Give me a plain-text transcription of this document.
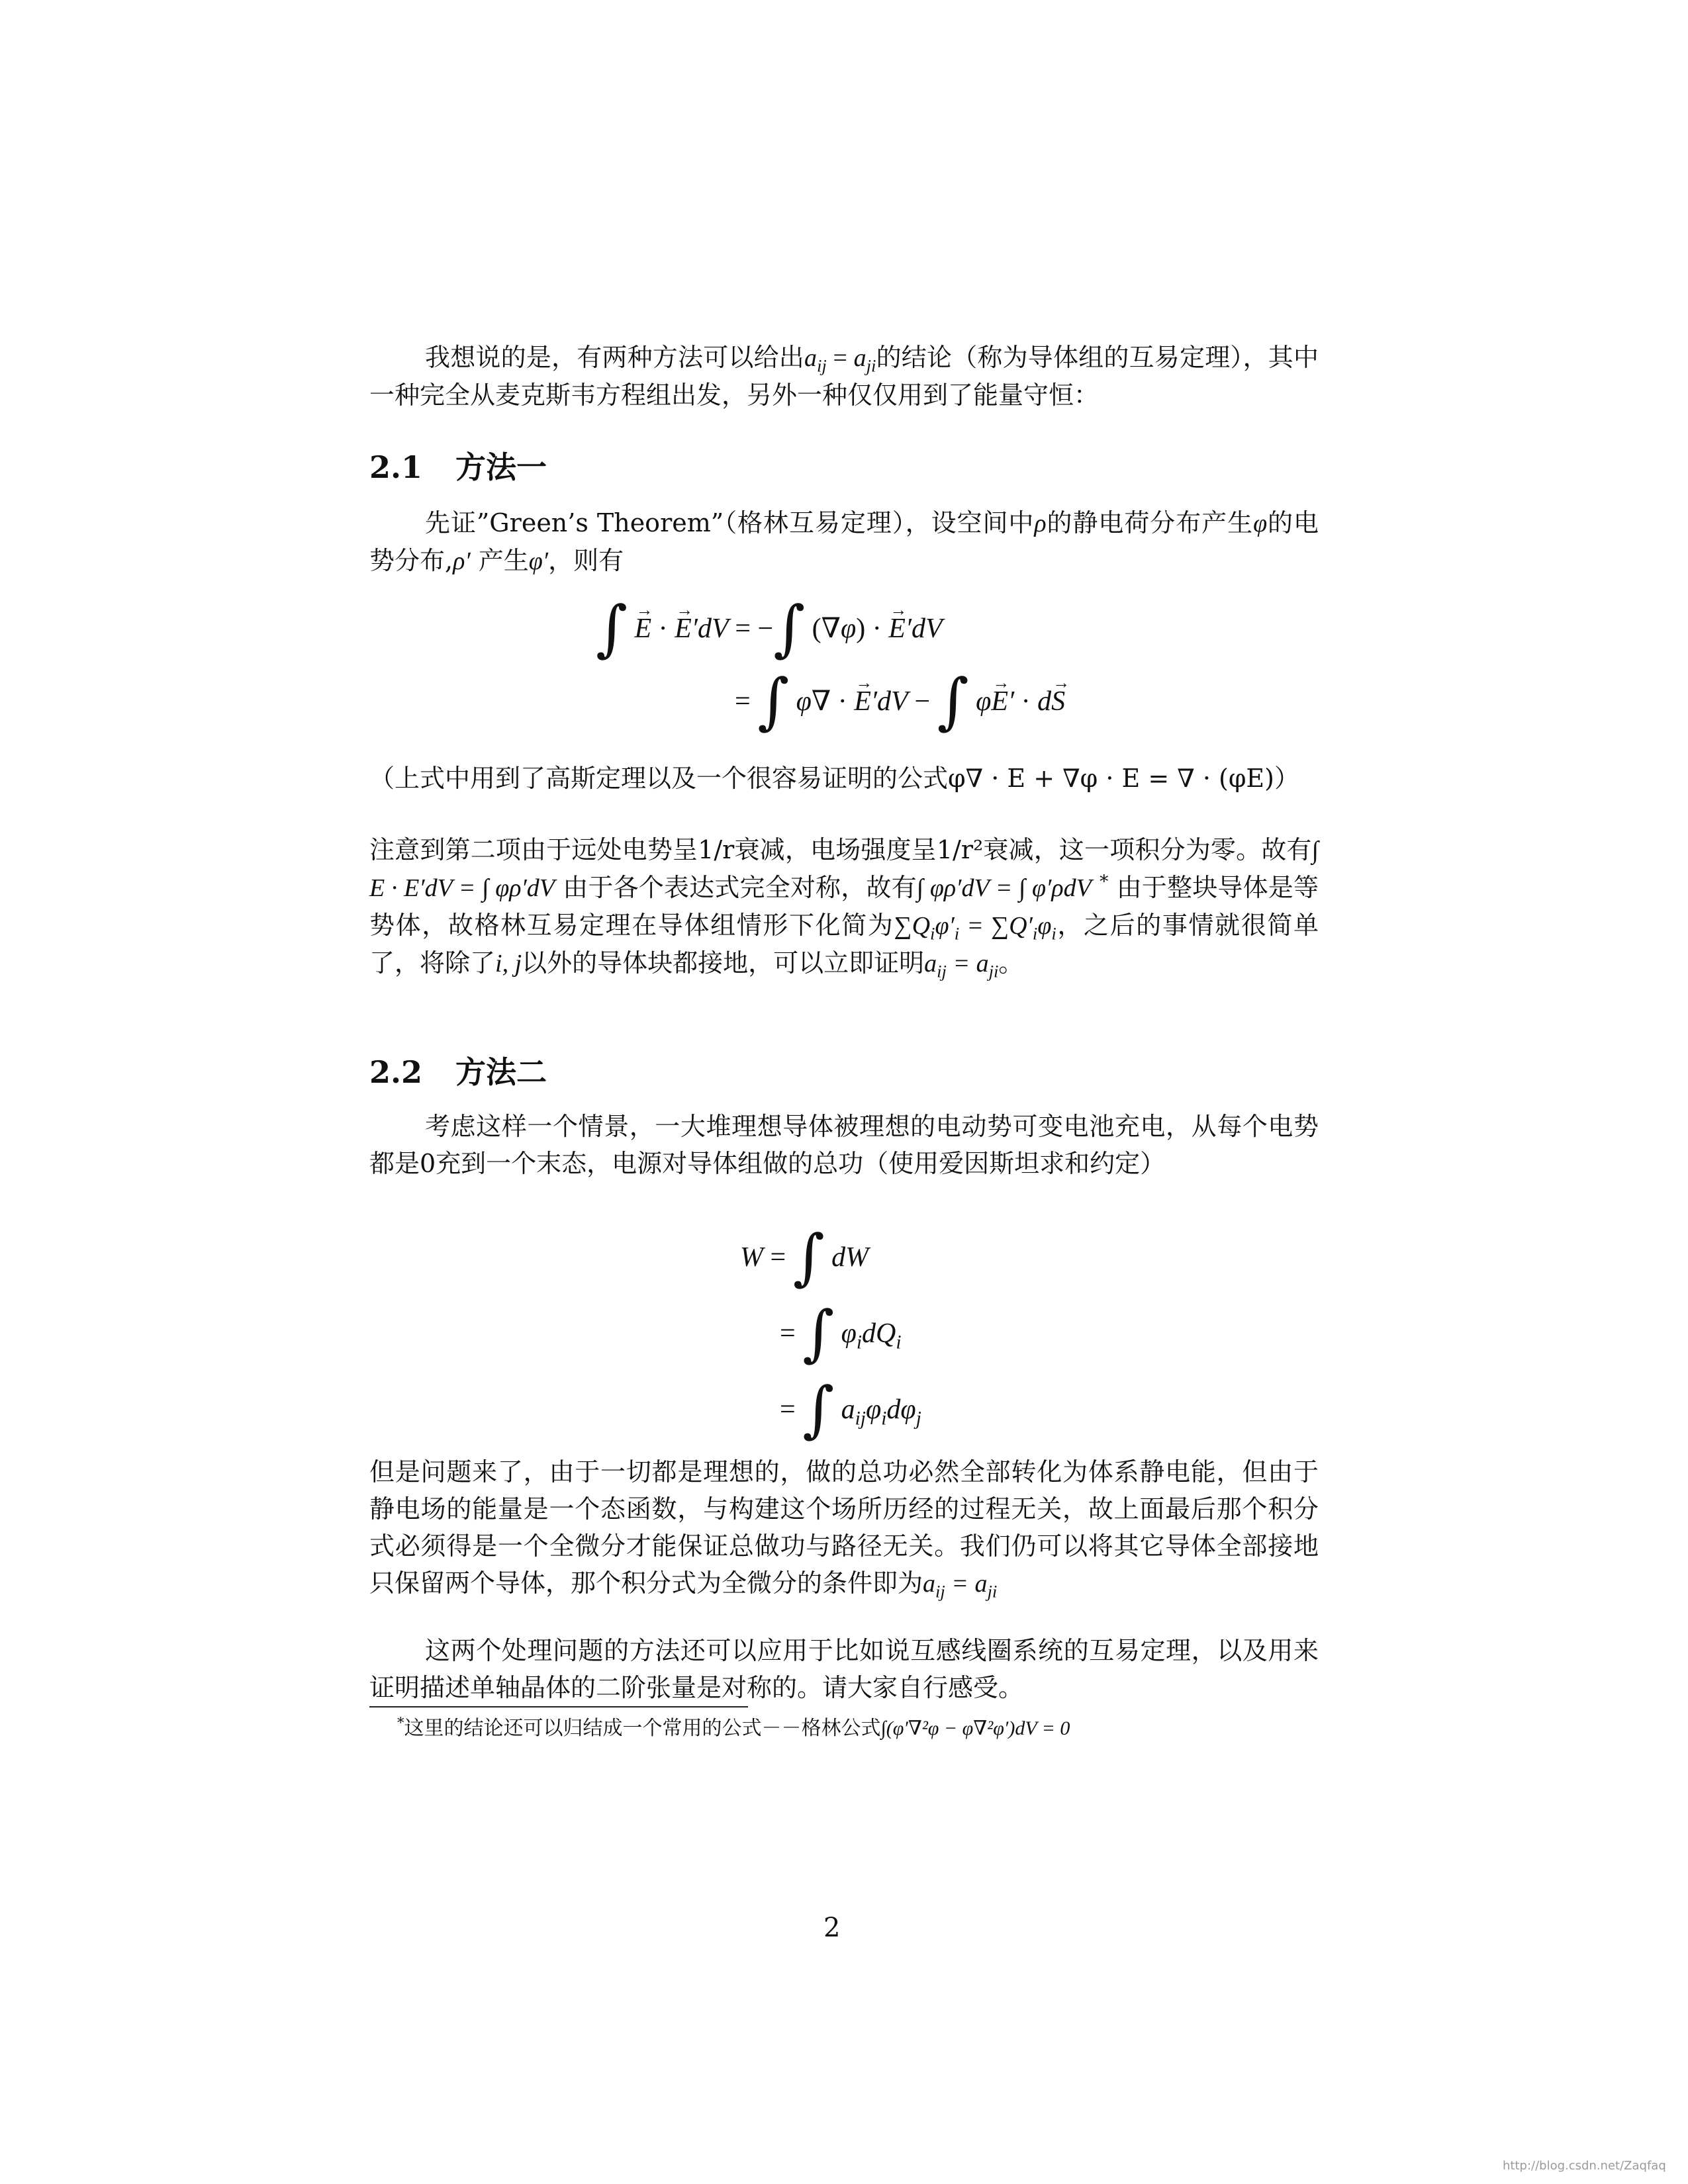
我想说的是，有两种方法可以给出$a_{ij} = a_{ji}$的结论（称为导体组的互易定理），其中一种完全从麦克斯韦方程组出发，另外一种仅仅用到了能量守恒：
2.1 方法一
先证”Green’s Theorem”（格林互易定理），设空间中ρ的静电荷分布产生φ的电势分布,ρ′ 产生φ′，则有
∫ → E · → E′dV = −∫ (∇φ) · → E′dV
= ∫ φ∇ · → E′dV − ∫ φ→ E′ · d→ S
（上式中用到了高斯定理以及一个很容易证明的公式φ∇ · E + ∇φ · E = ∇ · (φE)）
注意到第二项由于远处电势呈1/r衰减，电场强度呈1/r²衰减，这一项积分为零。故有∫ E · E′dV = ∫ φρ′dV 由于各个表达式完全对称，故有∫ φρ′dV = ∫ φ′ρdV * 由于整块导体是等势体，故格林互易定理在导体组情形下化简为$\sum Q_i\varphi'_i = \sum Q'_i\varphi_i$，之后的事情就很简单了，将除了i, j以外的导体块都接地，可以立即证明$a_{ij} = a_{ji}$。
2.2 方法二
考虑这样一个情景，一大堆理想导体被理想的电动势可变电池充电，从每个电势都是0充到一个末态，电源对导体组做的总功（使用爱因斯坦求和约定）
W = ∫ dW
= ∫ $\varphi_idQ_i$
= ∫ $a_{ij}\varphi_id\varphi_j$
但是问题来了，由于一切都是理想的，做的总功必然全部转化为体系静电能，但由于静电场的能量是一个态函数，与构建这个场所历经的过程无关，故上面最后那个积分式必须得是一个全微分才能保证总做功与路径无关。我们仍可以将其它导体全部接地只保留两个导体，那个积分式为全微分的条件即为$a_{ij} = a_{ji}$
这两个处理问题的方法还可以应用于比如说互感线圈系统的互易定理，以及用来证明描述单轴晶体的二阶张量是对称的。请大家自行感受。
*这里的结论还可以归结成一个常用的公式－－格林公式∫(φ′∇²φ − φ∇²φ′)dV = 0
2
http://blog.csdn.net/Zaqfaq
